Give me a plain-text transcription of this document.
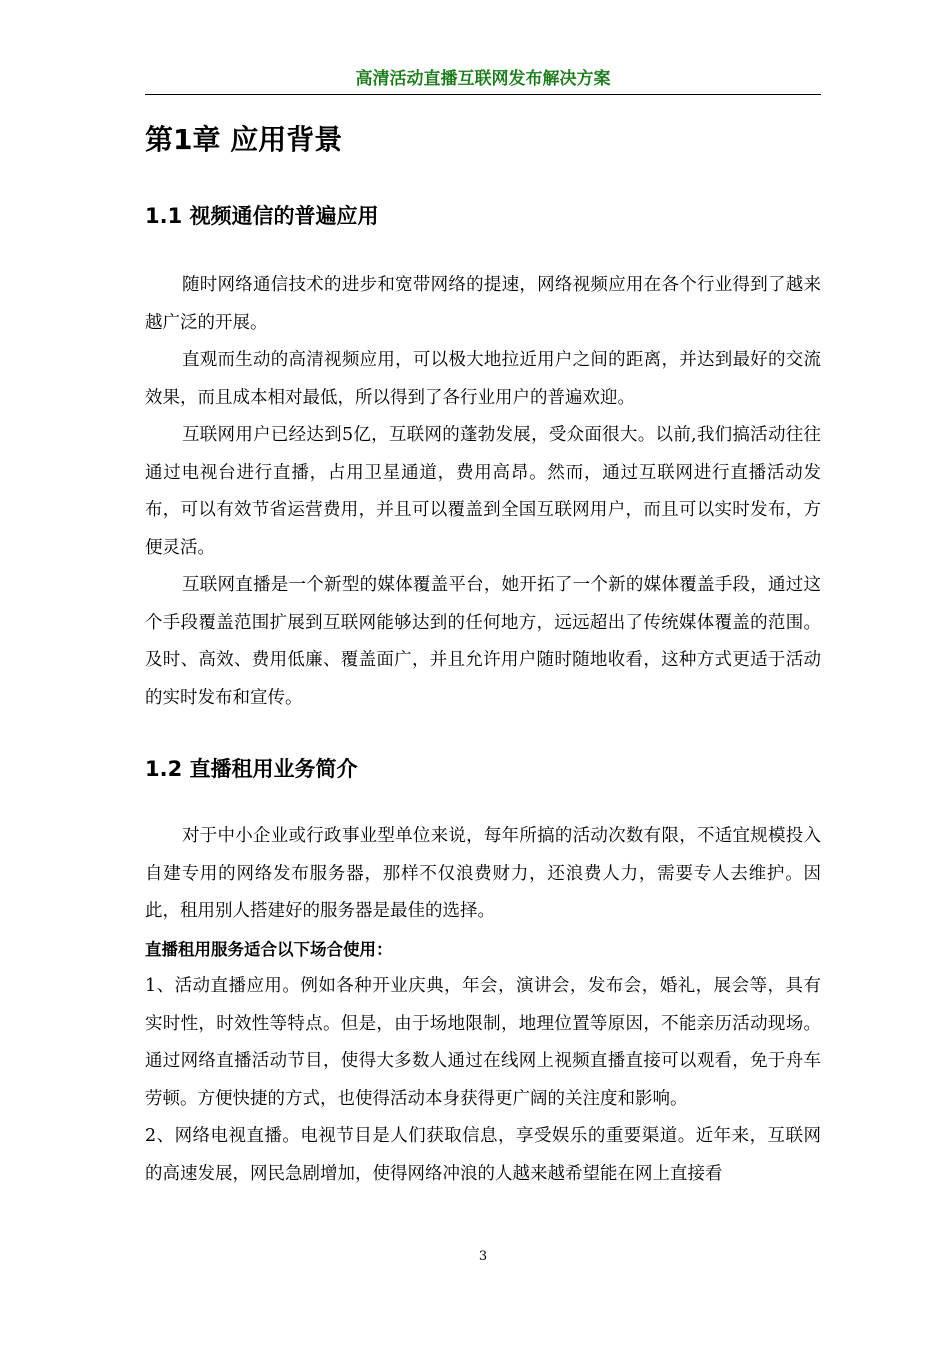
高清活动直播互联网发布解决方案
第1章 应用背景
1.1 视频通信的普遍应用

随时网络通信技术的进步和宽带网络的提速，网络视频应用在各个行业得到了越来越广泛的开展。

直观而生动的高清视频应用，可以极大地拉近用户之间的距离，并达到最好的交流效果，而且成本相对最低，所以得到了各行业用户的普遍欢迎。

互联网用户已经达到5亿，互联网的蓬勃发展，受众面很大。以前,我们搞活动往往通过电视台进行直播，占用卫星通道，费用高昂。然而，通过互联网进行直播活动发布，可以有效节省运营费用，并且可以覆盖到全国互联网用户，而且可以实时发布，方便灵活。

互联网直播是一个新型的媒体覆盖平台，她开拓了一个新的媒体覆盖手段，通过这个手段覆盖范围扩展到互联网能够达到的任何地方，远远超出了传统媒体覆盖的范围。及时、高效、费用低廉、覆盖面广，并且允许用户随时随地收看，这种方式更适于活动的实时发布和宣传。

1.2 直播租用业务简介

对于中小企业或行政事业型单位来说，每年所搞的活动次数有限，不适宜规模投入自建专用的网络发布服务器，那样不仅浪费财力，还浪费人力，需要专人去维护。因此，租用别人搭建好的服务器是最佳的选择。

直播租用服务适合以下场合使用：

1、活动直播应用。例如各种开业庆典，年会，演讲会，发布会，婚礼，展会等，具有实时性，时效性等特点。但是，由于场地限制，地理位置等原因，不能亲历活动现场。通过网络直播活动节目，使得大多数人通过在线网上视频直播直接可以观看，免于舟车劳顿。方便快捷的方式，也使得活动本身获得更广阔的关注度和影响。

2、网络电视直播。电视节目是人们获取信息，享受娱乐的重要渠道。近年来，互联网的高速发展，网民急剧增加，使得网络冲浪的人越来越希望能在网上直接看

3
